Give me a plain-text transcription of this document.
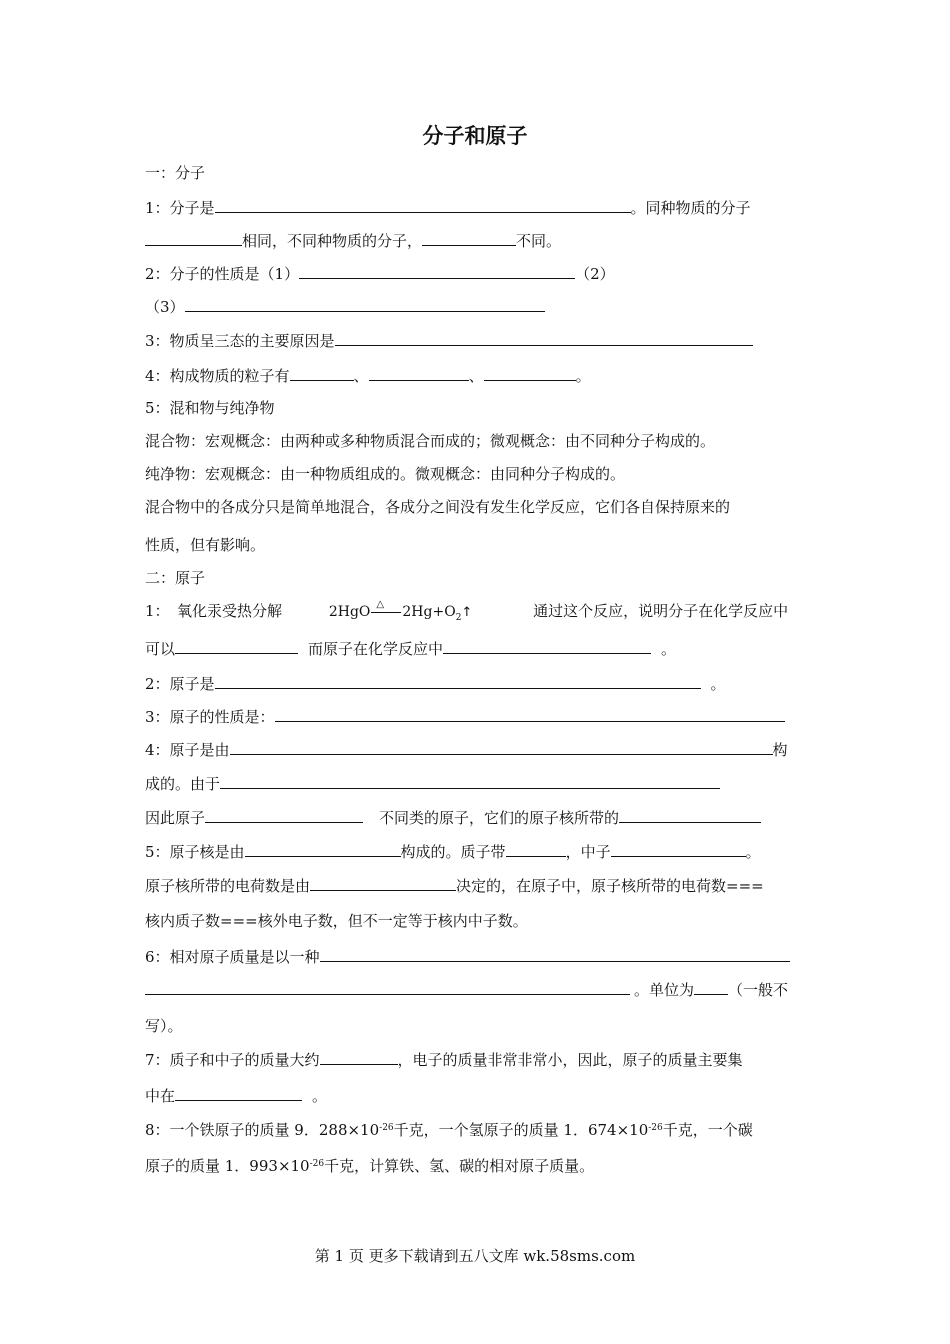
分子和原子
一：分子
1：分子是	。同种物质的分子
相同，不同种物质的分子，	不同。
2：分子的性质是（1）	（2）
（3）
3：物质呈三态的主要原因是
4：构成物质的粒子有	、	、	。
5：混和物与纯净物
混合物：宏观概念：由两种或多种物质混合而成的；微观概念：由不同种分子构成的。
纯净物：宏观概念：由一种物质组成的。微观概念：由同种分子构成的。
混合物中的各成分只是简单地混合，各成分之间没有发生化学反应，它们各自保持原来的
性质，但有影响。
二：原子
1：　氧化汞受热分解	2HgO △ $2Hg+O_2↑$	通过这个反应，说明分子在化学反应中
可以	而原子在化学反应中	。
2：原子是	。
3：原子的性质是：
4：原子是由	构
成的。由于
因此原子	不同类的原子，它们的原子核所带的
5：原子核是由	构成的。质子带	，中子	。
原子核所带的电荷数是由	决定的，在原子中，原子核所带的电荷数===
核内质子数===核外电子数，但不一定等于核内中子数。
6：相对原子质量是以一种
。单位为 （一般不
写）。
7：质子和中子的质量大约	，电子的质量非常非常小，因此，原子的质量主要集
中在	。
8：一个铁原子的质量 9．$288\times 10^{-26}$千克，一个氢原子的质量 1．$674\times 10^{-26}$千克，一个碳
原子的质量 1．$993\times 10^{-26}$千克，计算铁、氢、碳的相对原子质量。
第 1 页 更多下载请到五八文库 wk.58sms.com
